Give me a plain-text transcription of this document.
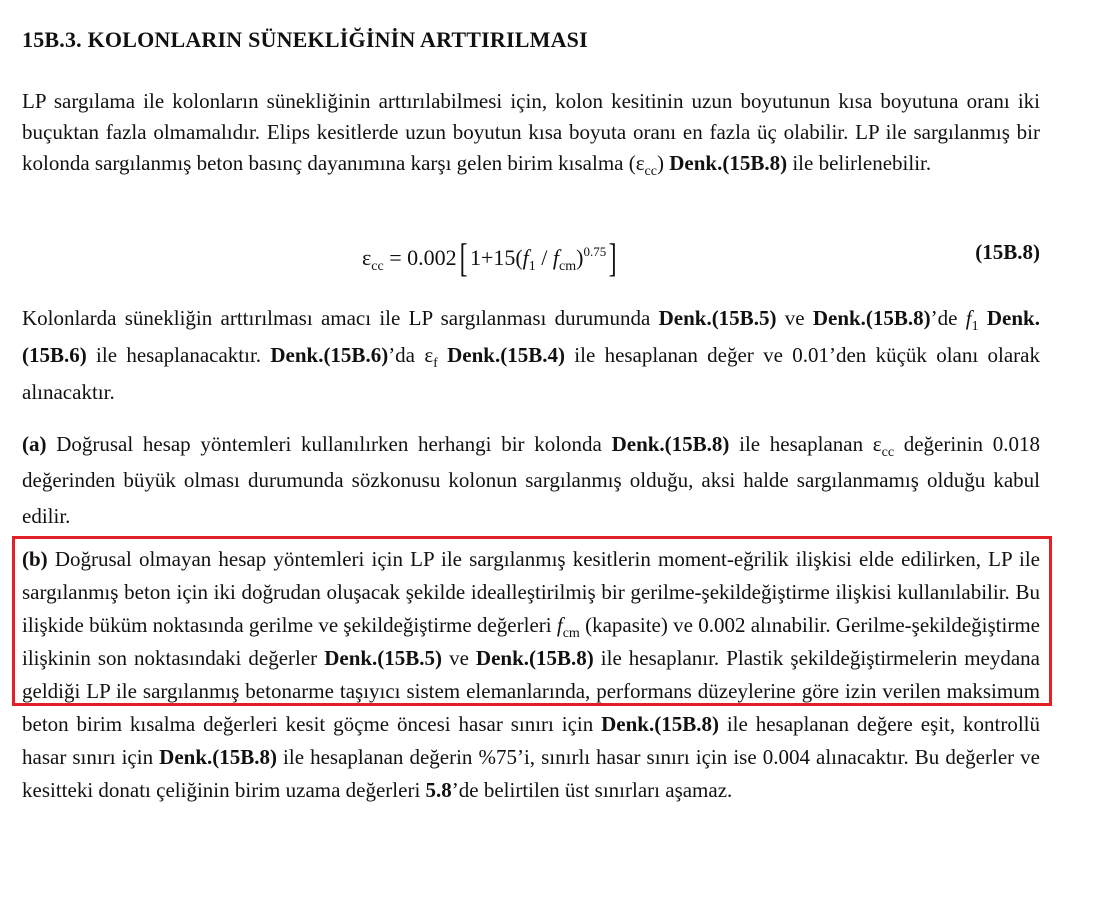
15B.3. KOLONLARIN SÜNEKLİĞİNİN ARTTIRILMASI
LP sargılama ile kolonların sünekliğinin arttırılabilmesi için, kolon kesitinin uzun boyutunun kısa boyutuna oranı iki buçuktan fazla olmamalıdır. Elips kesitlerde uzun boyutun kısa boyuta oranı en fazla üç olabilir. LP ile sargılanmış bir kolonda sargılanmış beton basınç dayanımına karşı gelen birim kısalma $(\varepsilon_{cc})$ Denk.(15B.8) ile belirlenebilir.
$\varepsilon_{cc} = 0.002$[ $1+15(f_1 / f_{cm})^{0.75}$]	(15B.8)
Kolonlarda sünekliğin arttırılması amacı ile LP sargılanması durumunda Denk.(15B.5) ve Denk.(15B.8)’de $f_1$ Denk.(15B.6) ile hesaplanacaktır. Denk.(15B.6)’da $\varepsilon_f$ Denk.(15B.4) ile hesaplanan değer ve 0.01’den küçük olanı olarak alınacaktır.
(a) Doğrusal hesap yöntemleri kullanılırken herhangi bir kolonda Denk.(15B.8) ile hesaplanan $\varepsilon_{cc}$ değerinin 0.018 değerinden büyük olması durumunda sözkonusu kolonun sargılanmış olduğu, aksi halde sargılanmamış olduğu kabul edilir.
(b) Doğrusal olmayan hesap yöntemleri için LP ile sargılanmış kesitlerin moment-eğrilik ilişkisi elde edilirken, LP ile sargılanmış beton için iki doğrudan oluşacak şekilde idealleştirilmiş bir gerilme-şekildeğiştirme ilişkisi kullanılabilir. Bu ilişkide büküm noktasında gerilme ve şekildeğiştirme değerleri $f_{cm}$ (kapasite) ve 0.002 alınabilir. Gerilme-şekildeğiştirme ilişkinin son noktasındaki değerler Denk.(15B.5) ve Denk.(15B.8) ile hesaplanır. Plastik şekildeğiştirmelerin meydana geldiği LP ile sargılanmış betonarme taşıyıcı sistem elemanlarında, performans düzeylerine göre izin verilen maksimum beton birim kısalma değerleri kesit göçme öncesi hasar sınırı için Denk.(15B.8) ile hesaplanan değere eşit, kontrollü hasar sınırı için Denk.(15B.8) ile hesaplanan değerin %75’i, sınırlı hasar sınırı için ise 0.004 alınacaktır. Bu değerler ve kesitteki donatı çeliğinin birim uzama değerleri 5.8’de belirtilen üst sınırları aşamaz.
